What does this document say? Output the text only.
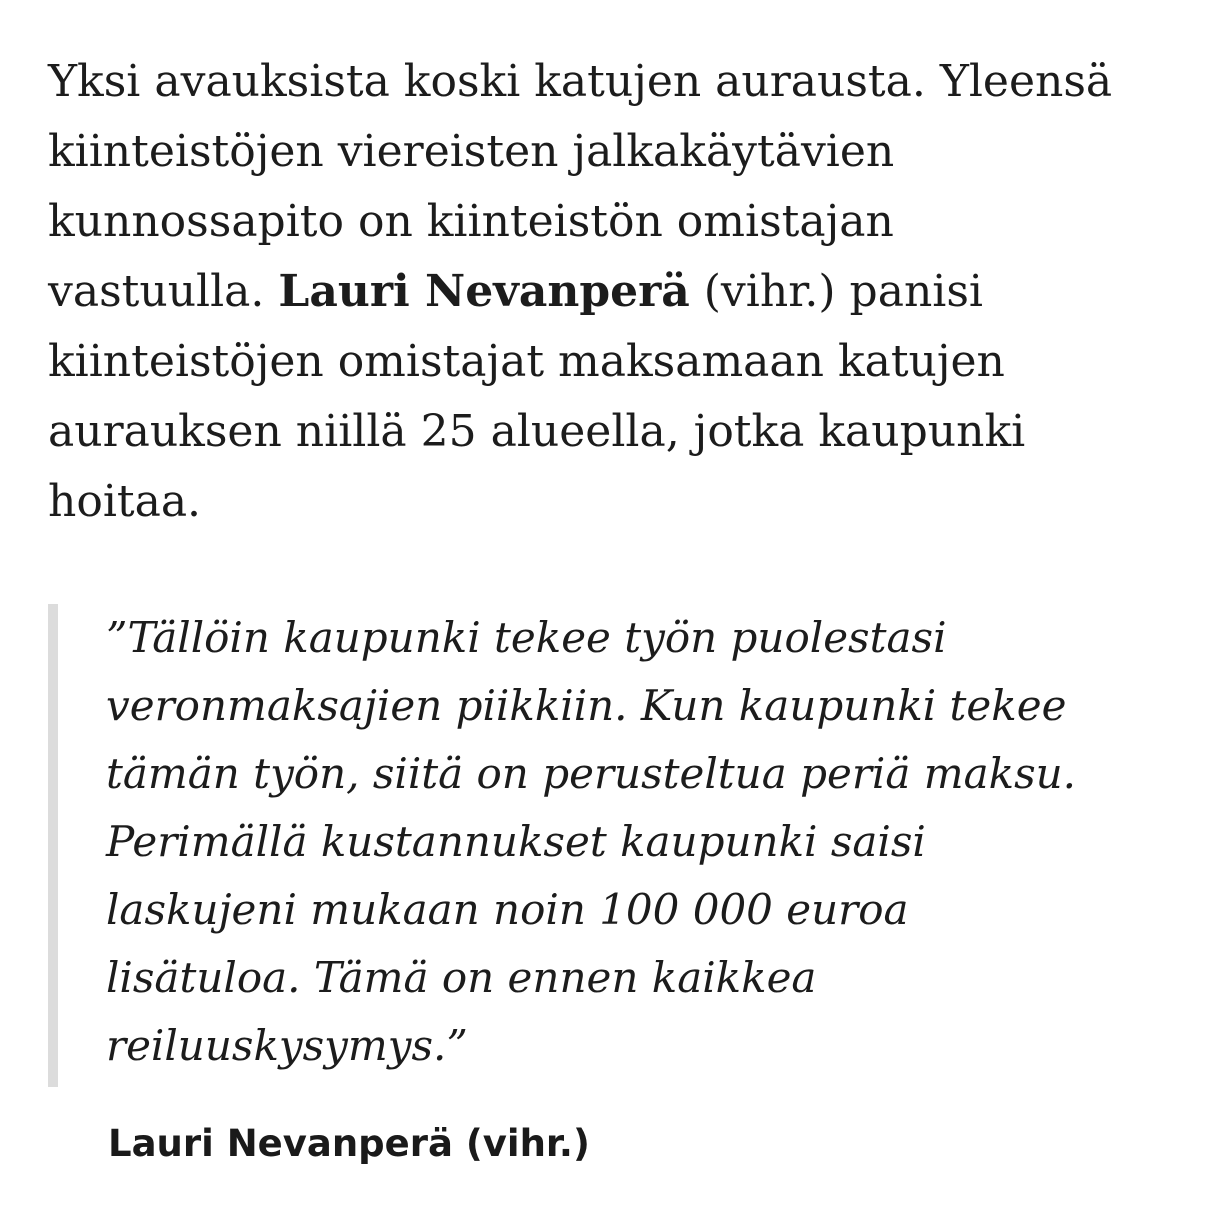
Yksi avauksista koski katujen aurausta. Yleensä
kiinteistöjen viereisten jalkakäytävien
kunnossapito on kiinteistön omistajan
vastuulla. Lauri Nevanperä (vihr.) panisi
kiinteistöjen omistajat maksamaan katujen
aurauksen niillä 25 alueella, jotka kaupunki
hoitaa.

”Tällöin kaupunki tekee työn puolestasi
veronmaksajien piikkiin. Kun kaupunki tekee
tämän työn, siitä on perusteltua periä maksu.
Perimällä kustannukset kaupunki saisi
laskujeni mukaan noin 100 000 euroa
lisätuloa. Tämä on ennen kaikkea
reiluuskysymys.”

Lauri Nevanperä (vihr.)
